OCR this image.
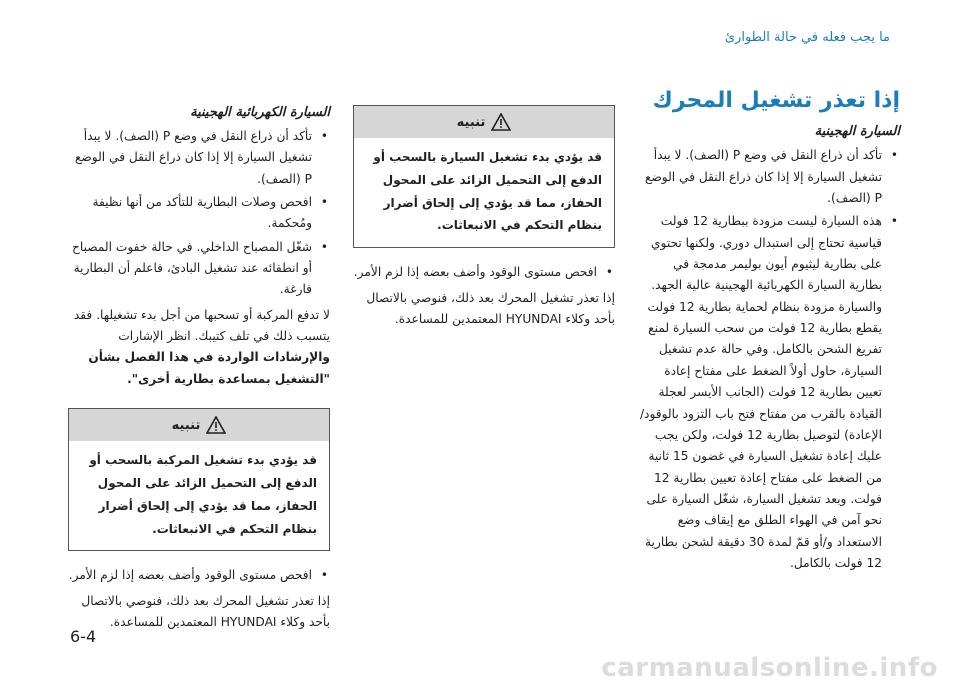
ما يجب فعله في حالة الطوارئ
إذا تعذر تشغيل المحرك
السيارة الهجينية
•
تأكد أن ذراع النقل في وضع P (الصف). لا يبدأ تشغيل السيارة إلا إذا كان ذراع النقل في الوضع P (الصف).
•
هذه السيارة ليست مزودة ببطارية 12 فولت قياسية تحتاج إلى استبدال دوري. ولكنها تحتوي على بطارية ليثيوم أيون بوليمر مدمجة في بطارية السيارة الكهربائية الهجينية عالية الجهد. والسيارة مزودة بنظام لحماية بطارية 12 فولت يقطع بطارية 12 فولت من سحب السيارة لمنع تفريغ الشحن بالكامل. وفي حالة عدم تشغيل السيارة، حاول أولاً الضغط على مفتاح إعادة تعيين بطارية 12 فولت (الجانب الأيسر لعجلة القيادة بالقرب من مفتاح فتح باب التزود بالوقود/الإعادة) لتوصيل بطارية 12 فولت، ولكن يجب عليك إعادة تشغيل السيارة في غضون 15 ثانية من الضغط على مفتاح إعادة تعيين بطارية 12 فولت. وبعد تشغيل السيارة، شغّل السيارة على نحو آمن في الهواء الطلق مع إيقاف وضع الاستعداد و/أو قمّ لمدة 30 دقيقة لشحن بطارية 12 فولت بالكامل.
تنبيه
قد يؤدي بدء تشغيل السيارة بالسحب أو الدفع إلى التحميل الزائد على المحول الحفاز، مما قد يؤدي إلى إلحاق أضرار بنظام التحكم في الانبعاثات.
•
افحص مستوى الوقود وأضف بعضه إذا لزم الأمر.

إذا تعذر تشغيل المحرك بعد ذلك، فنوصي بالاتصال بأحد وكلاء HYUNDAI المعتمدين للمساعدة.

السيارة الكهربائية الهجينية
•
تأكد أن ذراع النقل في وضع P (الصف). لا يبدأ تشغيل السيارة إلا إذا كان ذراع النقل في الوضع P (الصف).
•
افحص وصلات البطارية للتأكد من أنها نظيفة ومُحكمة.
•
شغّل المصباح الداخلي. في حالة خفوت المصباح أو انطفائه عند تشغيل البادئ، فاعلم أن البطارية فارغة.

لا تدفع المركبة أو تسحبها من أجل بدء تشغيلها. فقد يتسبب ذلك في تلف كتيبك. انظر الإشارات والإرشادات الواردة في هذا الفصل بشأن "التشغيل بمساعدة بطارية أخرى".

تنبيه
قد يؤدي بدء تشغيل المركبة بالسحب أو الدفع إلى التحميل الزائد على المحول الحفاز، مما قد يؤدي إلى إلحاق أضرار بنظام التحكم في الانبعاثات.
•
افحص مستوى الوقود وأضف بعضه إذا لزم الأمر.

إذا تعذر تشغيل المحرك بعد ذلك، فنوصي بالاتصال بأحد وكلاء HYUNDAI المعتمدين للمساعدة.

6-4
carmanualsonline.info
